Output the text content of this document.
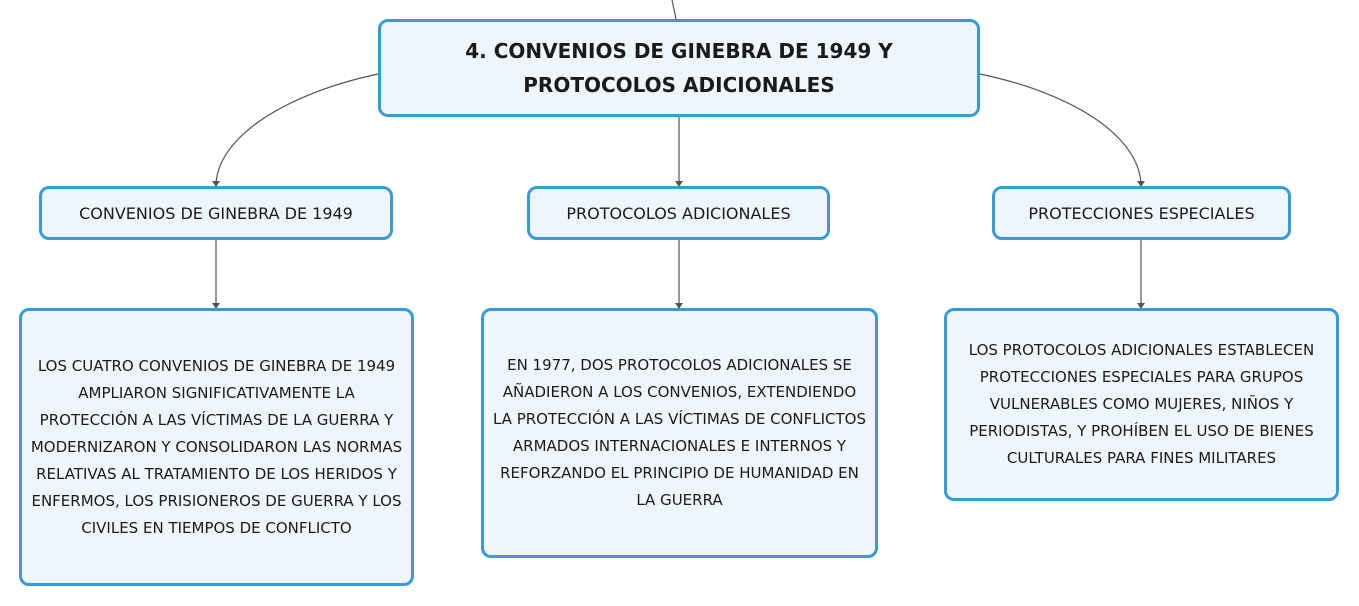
4. CONVENIOS DE GINEBRA DE 1949 Y PROTOCOLOS ADICIONALES
CONVENIOS DE GINEBRA DE 1949	PROTOCOLOS ADICIONALES	PROTECCIONES ESPECIALES
LOS CUATRO CONVENIOS DE GINEBRA DE 1949 AMPLIARON SIGNIFICATIVAMENTE LA PROTECCIÓN A LAS VÍCTIMAS DE LA GUERRA Y MODERNIZARON Y CONSOLIDARON LAS NORMAS RELATIVAS AL TRATAMIENTO DE LOS HERIDOS Y ENFERMOS, LOS PRISIONEROS DE GUERRA Y LOS CIVILES EN TIEMPOS DE CONFLICTO
EN 1977, DOS PROTOCOLOS ADICIONALES SE AÑADIERON A LOS CONVENIOS, EXTENDIENDO LA PROTECCIÓN A LAS VÍCTIMAS DE CONFLICTOS ARMADOS INTERNACIONALES E INTERNOS Y REFORZANDO EL PRINCIPIO DE HUMANIDAD EN LA GUERRA
LOS PROTOCOLOS ADICIONALES ESTABLECEN PROTECCIONES ESPECIALES PARA GRUPOS VULNERABLES COMO MUJERES, NIÑOS Y PERIODISTAS, Y PROHÍBEN EL USO DE BIENES CULTURALES PARA FINES MILITARES
